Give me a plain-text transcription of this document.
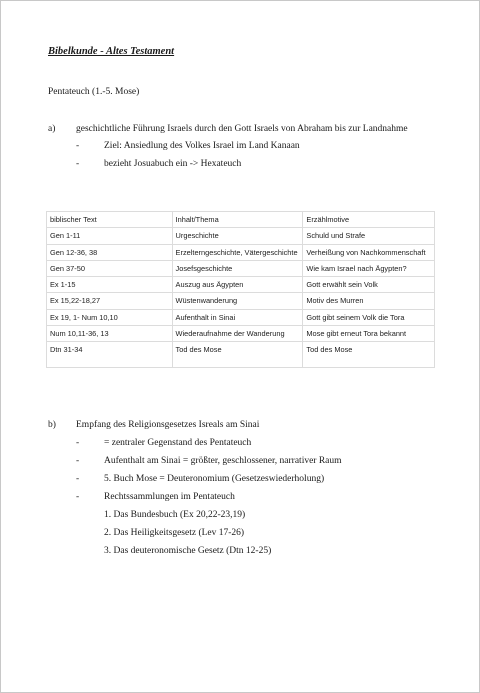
Bibelkunde - Altes Testament
Pentateuch (1.-5. Mose)
a) geschichtliche Führung Israels durch den Gott Israels von Abraham bis zur Landnahme
-	Ziel: Ansiedlung des Volkes Israel im Land Kanaan
-	bezieht Josuabuch ein -> Hexateuch
biblischer Text	Inhalt/Thema	Erzählmotive
Gen 1-11	Urgeschichte	Schuld und Strafe
Gen 12-36, 38	Erzelterngeschichte, Vätergeschichte	Verheißung von Nachkommenschaft
Gen 37-50	Josefsgeschichte	Wie kam Israel nach Ägypten?
Ex 1-15	Auszug aus Ägypten	Gott erwählt sein Volk
Ex 15,22-18,27	Wüstenwanderung	Motiv des Murren
Ex 19, 1- Num 10,10	Aufenthalt in Sinai	Gott gibt seinem Volk die Tora
Num 10,11-36, 13	Wiederaufnahme der Wanderung	Mose gibt erneut Tora bekannt
Dtn 31-34	Tod des Mose	Tod des Mose
b) Empfang des Religionsgesetzes Isreals am Sinai
-	= zentraler Gegenstand des Pentateuch
-	Aufenthalt am Sinai = größter, geschlossener, narrativer Raum
-	5. Buch Mose = Deuteronomium (Gesetzeswiederholung)
-	Rechtssammlungen im Pentateuch
1. Das Bundesbuch (Ex 20,22-23,19)
2. Das Heiligkeitsgesetz (Lev 17-26)
3. Das deuteronomische Gesetz (Dtn 12-25)
